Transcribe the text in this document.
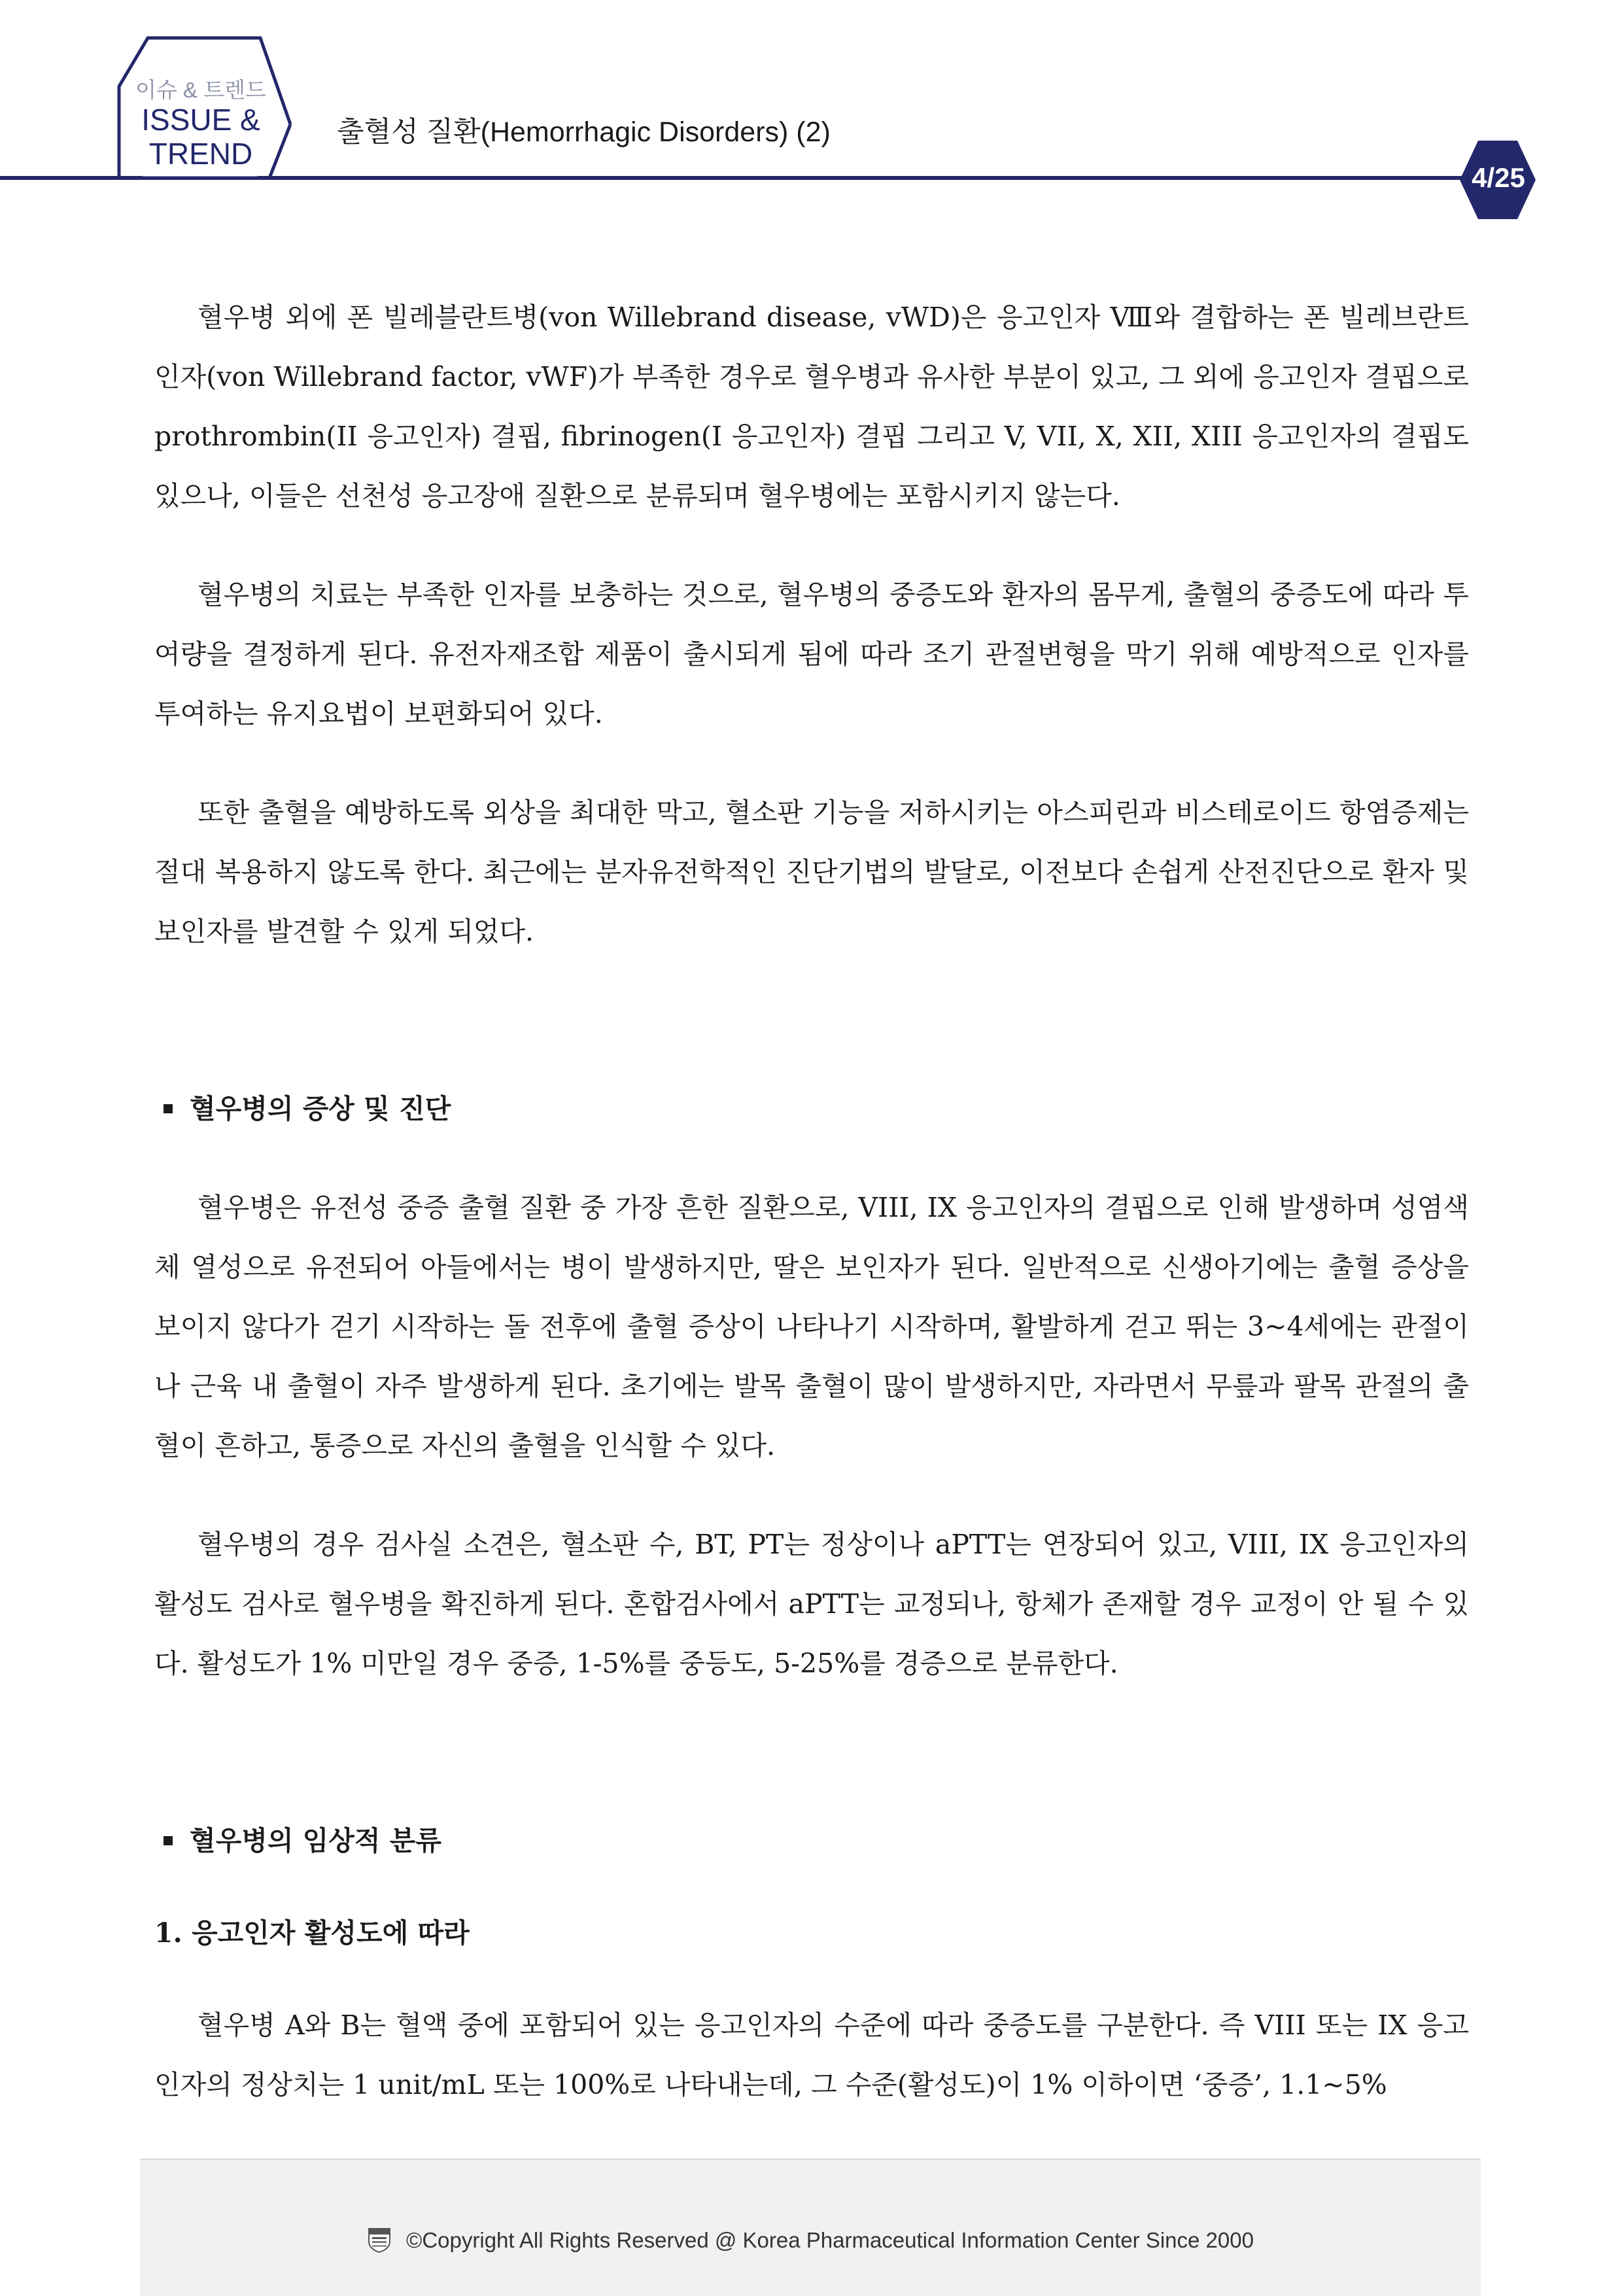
이슈 & 트렌드
ISSUE &
TREND
출혈성 질환(Hemorrhagic Disorders) (2)
4/25

혈우병 외에 폰 빌레블란트병(von Willebrand disease, vWD)은 응고인자 Ⅷ와 결합하는 폰 빌레브란트 인자(von Willebrand factor, vWF)가 부족한 경우로 혈우병과 유사한 부분이 있고, 그 외에 응고인자 결핍으로 prothrombin(II 응고인자) 결핍, fibrinogen(I 응고인자) 결핍 그리고 V, VII, X, XII, XIII 응고인자의 결핍도 있으나, 이들은 선천성 응고장애 질환으로 분류되며 혈우병에는 포함시키지 않는다.

혈우병의 치료는 부족한 인자를 보충하는 것으로, 혈우병의 중증도와 환자의 몸무게, 출혈의 중증도에 따라 투여량을 결정하게 된다. 유전자재조합 제품이 출시되게 됨에 따라 조기 관절변형을 막기 위해 예방적으로 인자를 투여하는 유지요법이 보편화되어 있다.

또한 출혈을 예방하도록 외상을 최대한 막고, 혈소판 기능을 저하시키는 아스피린과 비스테로이드 항염증제는 절대 복용하지 않도록 한다. 최근에는 분자유전학적인 진단기법의 발달로, 이전보다 손쉽게 산전진단으로 환자 및 보인자를 발견할 수 있게 되었다.

혈우병의 증상 및 진단

혈우병은 유전성 중증 출혈 질환 중 가장 흔한 질환으로, VIII, IX 응고인자의 결핍으로 인해 발생하며 성염색체 열성으로 유전되어 아들에서는 병이 발생하지만, 딸은 보인자가 된다. 일반적으로 신생아기에는 출혈 증상을 보이지 않다가 걷기 시작하는 돌 전후에 출혈 증상이 나타나기 시작하며, 활발하게 걷고 뛰는 3~4세에는 관절이나 근육 내 출혈이 자주 발생하게 된다. 초기에는 발목 출혈이 많이 발생하지만, 자라면서 무릎과 팔목 관절의 출혈이 흔하고, 통증으로 자신의 출혈을 인식할 수 있다.

혈우병의 경우 검사실 소견은, 혈소판 수, BT, PT는 정상이나 aPTT는 연장되어 있고, VIII, IX 응고인자의 활성도 검사로 혈우병을 확진하게 된다. 혼합검사에서 aPTT는 교정되나, 항체가 존재할 경우 교정이 안 될 수 있다. 활성도가 1% 미만일 경우 중증, 1-5%를 중등도, 5-25%를 경증으로 분류한다.

혈우병의 임상적 분류

1. 응고인자 활성도에 따라

혈우병 A와 B는 혈액 중에 포함되어 있는 응고인자의 수준에 따라 중증도를 구분한다. 즉 VIII 또는 IX 응고인자의 정상치는 1 unit/mL 또는 100%로 나타내는데, 그 수준(활성도)이 1% 이하이면 ‘중증’, 1.1~5%

©Copyright All Rights Reserved @ Korea Pharmaceutical Information Center Since 2000
